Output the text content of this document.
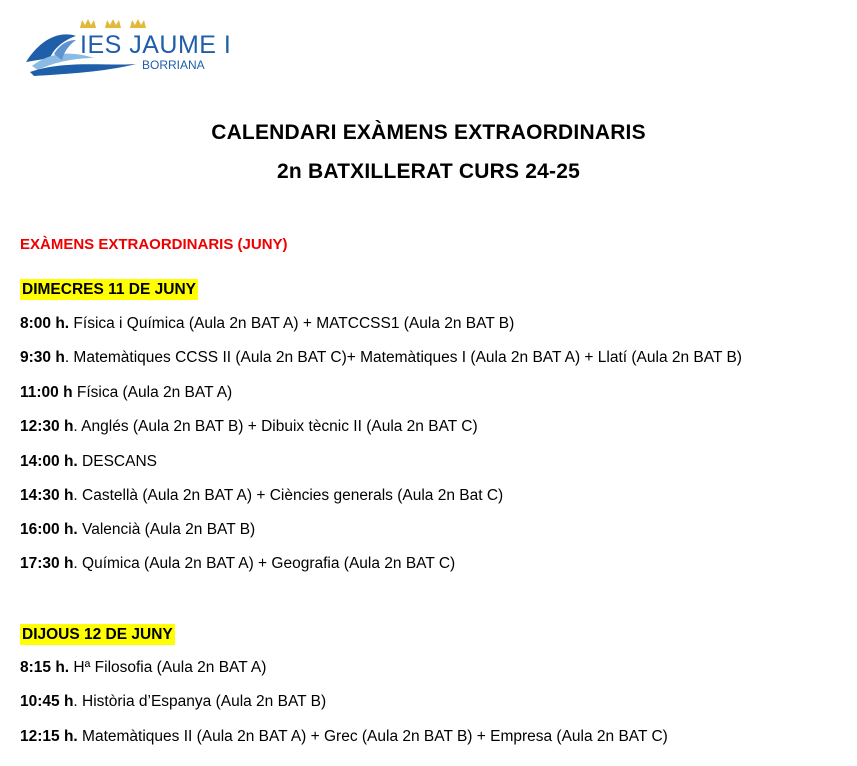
IES JAUME I
BORRIANA
CALENDARI EXÀMENS EXTRAORDINARIS
2n BATXILLERAT CURS 24-25
EXÀMENS EXTRAORDINARIS (JUNY)
DIMECRES 11 DE JUNY
8:00 h. Física i Química (Aula 2n BAT A) + MATCCSS1 (Aula 2n BAT B)
9:30 h. Matemàtiques CCSS II (Aula 2n BAT C)+ Matemàtiques I (Aula 2n BAT A) + Llatí (Aula 2n BAT B)
11:00 h Física (Aula 2n BAT A)
12:30 h. Anglés (Aula 2n BAT B) + Dibuix tècnic II (Aula 2n BAT C)
14:00 h. DESCANS
14:30 h. Castellà (Aula 2n BAT A) + Ciències generals (Aula 2n Bat C)
16:00 h. Valencià (Aula 2n BAT B)
17:30 h. Química (Aula 2n BAT A) + Geografia (Aula 2n BAT C)
DIJOUS 12 DE JUNY
8:15 h. Hª Filosofia (Aula 2n BAT A)
10:45 h. Història d’Espanya (Aula 2n BAT B)
12:15 h. Matemàtiques II (Aula 2n BAT A) + Grec (Aula 2n BAT B) + Empresa (Aula 2n BAT C)
